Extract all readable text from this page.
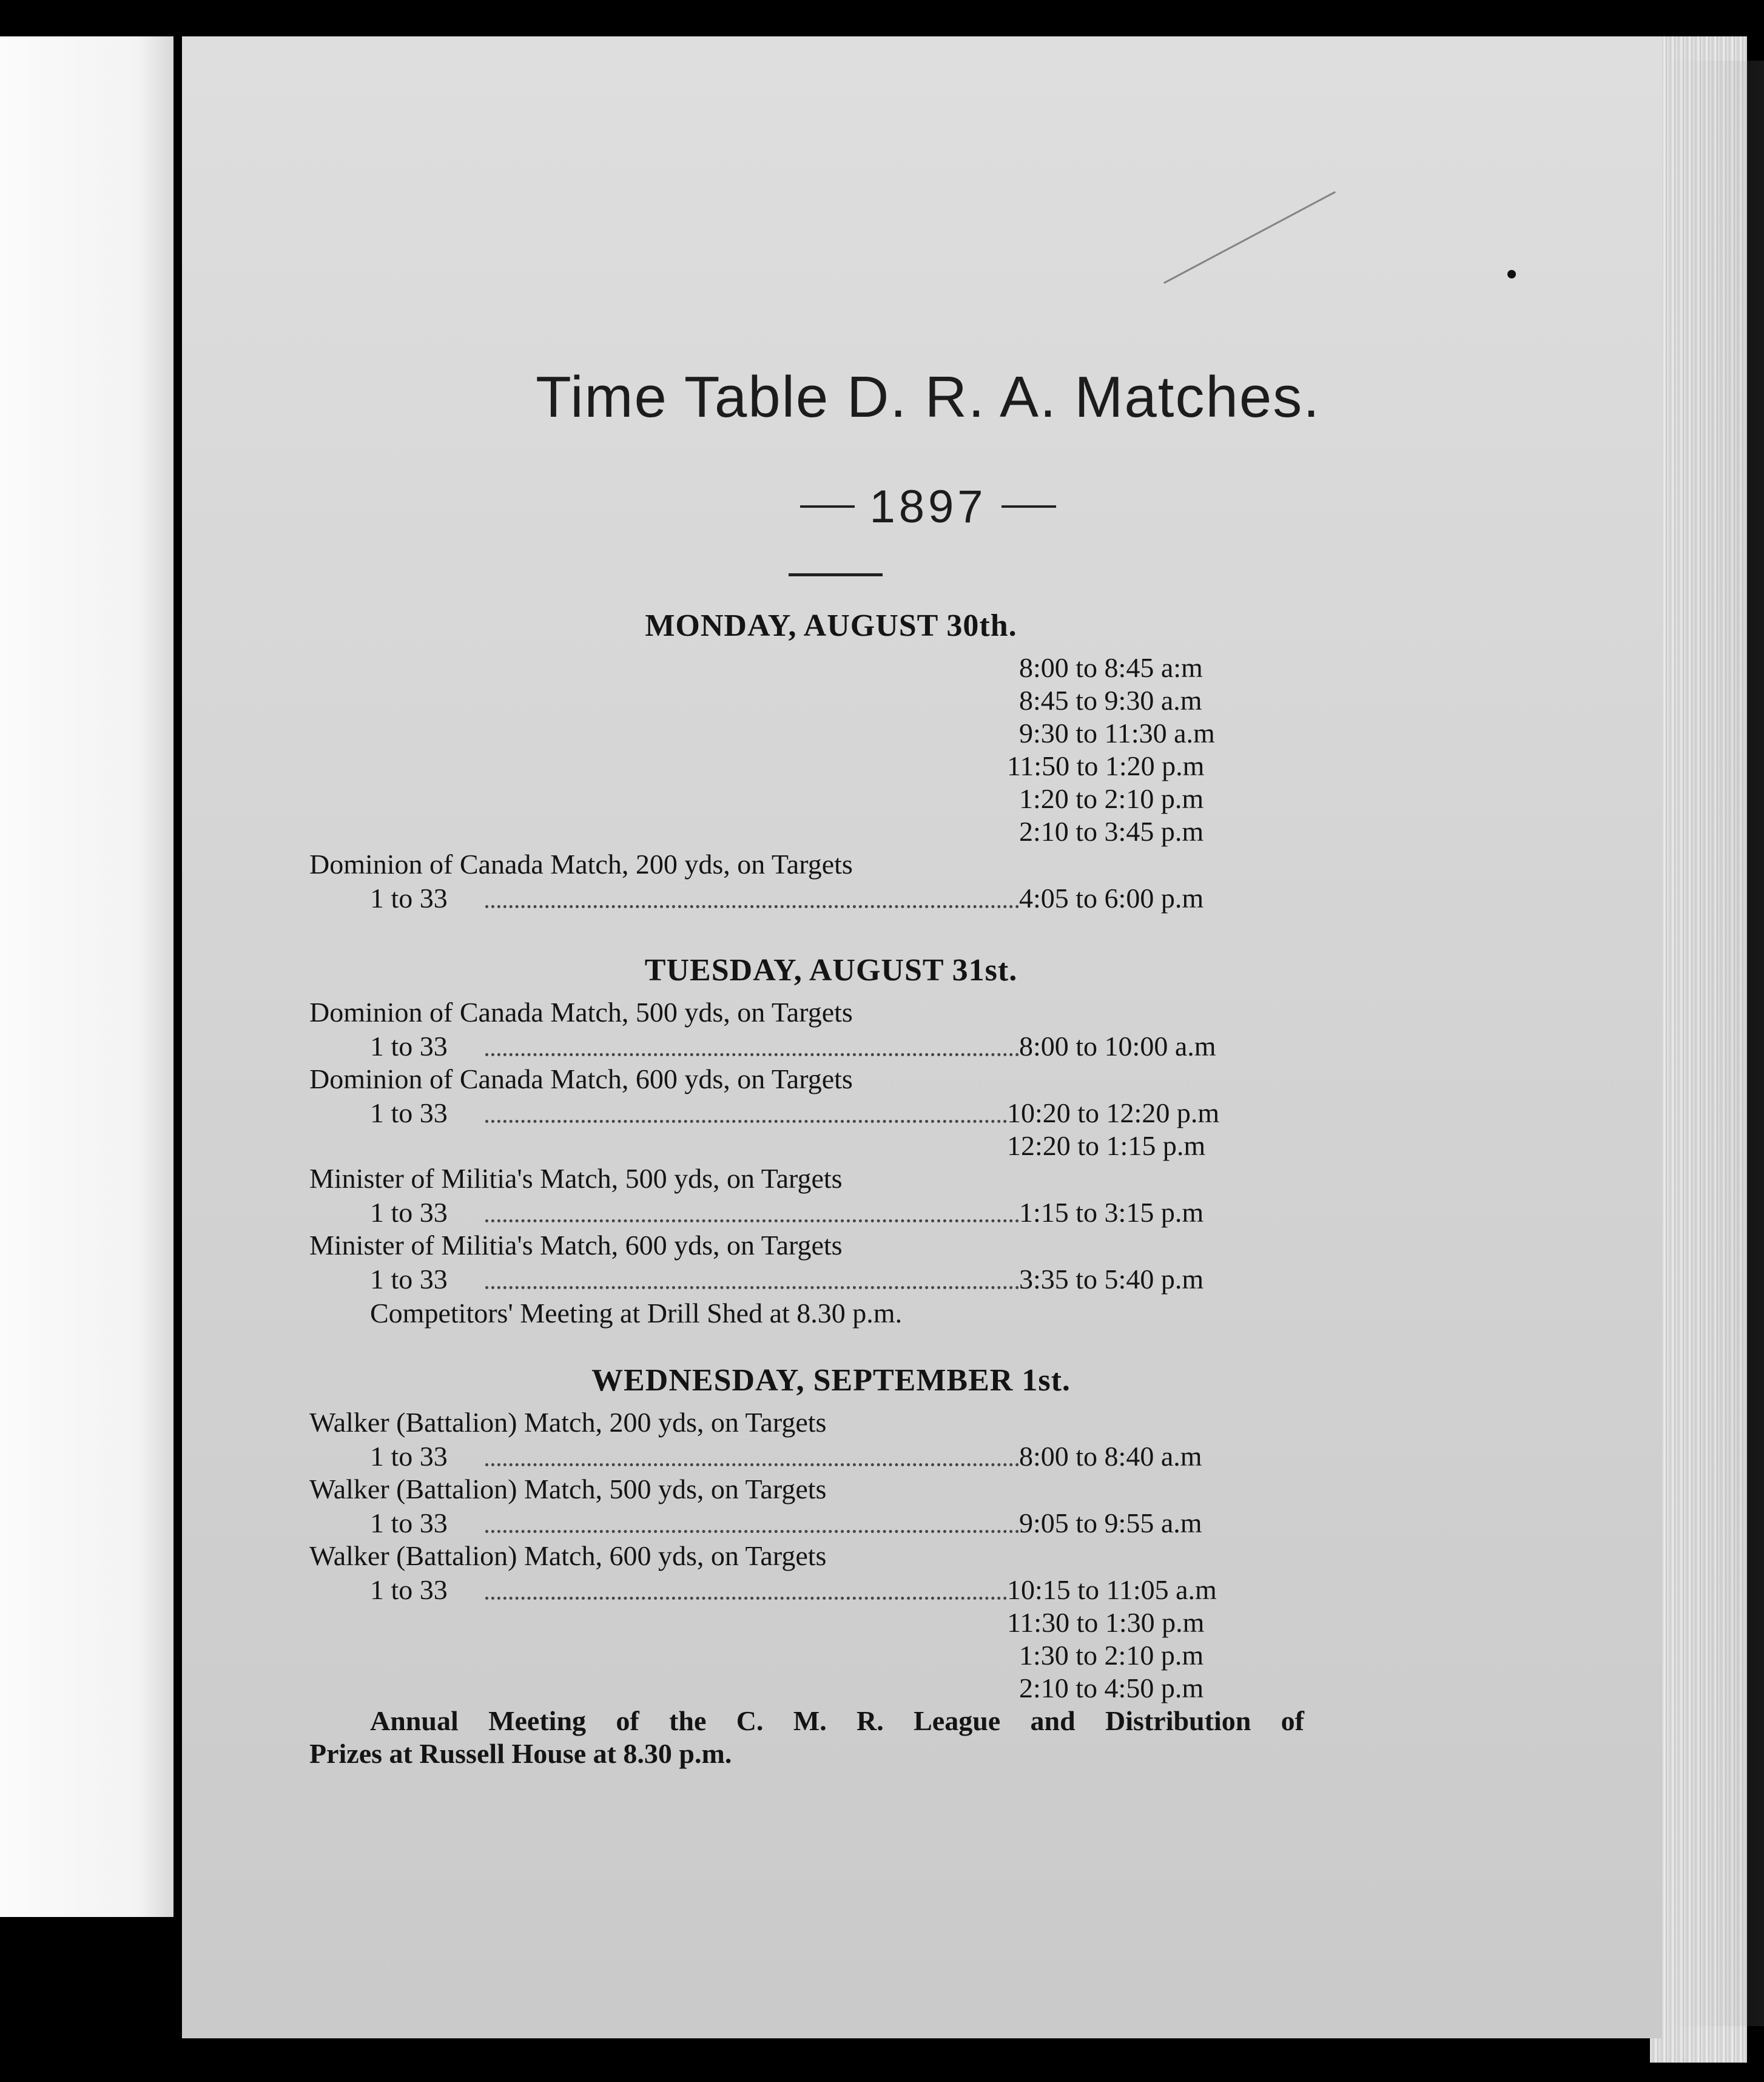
Time Table D. R. A. Matches.
1897
MONDAY, AUGUST 30th.
8:00 to 8:45 a:m
8:45 to 9:30 a.m
9:30 to 11:30 a.m
11:50 to 1:20 p.m
1:20 to 2:10 p.m
2:10 to 3:45 p.m
Dominion of Canada Match, 200 yds, on Targets
1 to 33	4:05 to 6:00 p.m
TUESDAY, AUGUST 31st.
Dominion of Canada Match, 500 yds, on Targets
1 to 33	8:00 to 10:00 a.m
Dominion of Canada Match, 600 yds, on Targets
1 to 33	10:20 to 12:20 p.m
12:20 to 1:15 p.m
Minister of Militia's Match, 500 yds, on Targets
1 to 33	1:15 to 3:15 p.m
Minister of Militia's Match, 600 yds, on Targets
1 to 33	3:35 to 5:40 p.m
Competitors' Meeting at Drill Shed at 8.30 p.m.
WEDNESDAY, SEPTEMBER 1st.
Walker (Battalion) Match, 200 yds, on Targets
1 to 33	8:00 to 8:40 a.m
Walker (Battalion) Match, 500 yds, on Targets
1 to 33	9:05 to 9:55 a.m
Walker (Battalion) Match, 600 yds, on Targets
1 to 33	10:15 to 11:05 a.m
11:30 to 1:30 p.m
1:30 to 2:10 p.m
2:10 to 4:50 p.m
Annual Meeting of the C. M. R. League and Distribution of
Prizes at Russell House at 8.30 p.m.
